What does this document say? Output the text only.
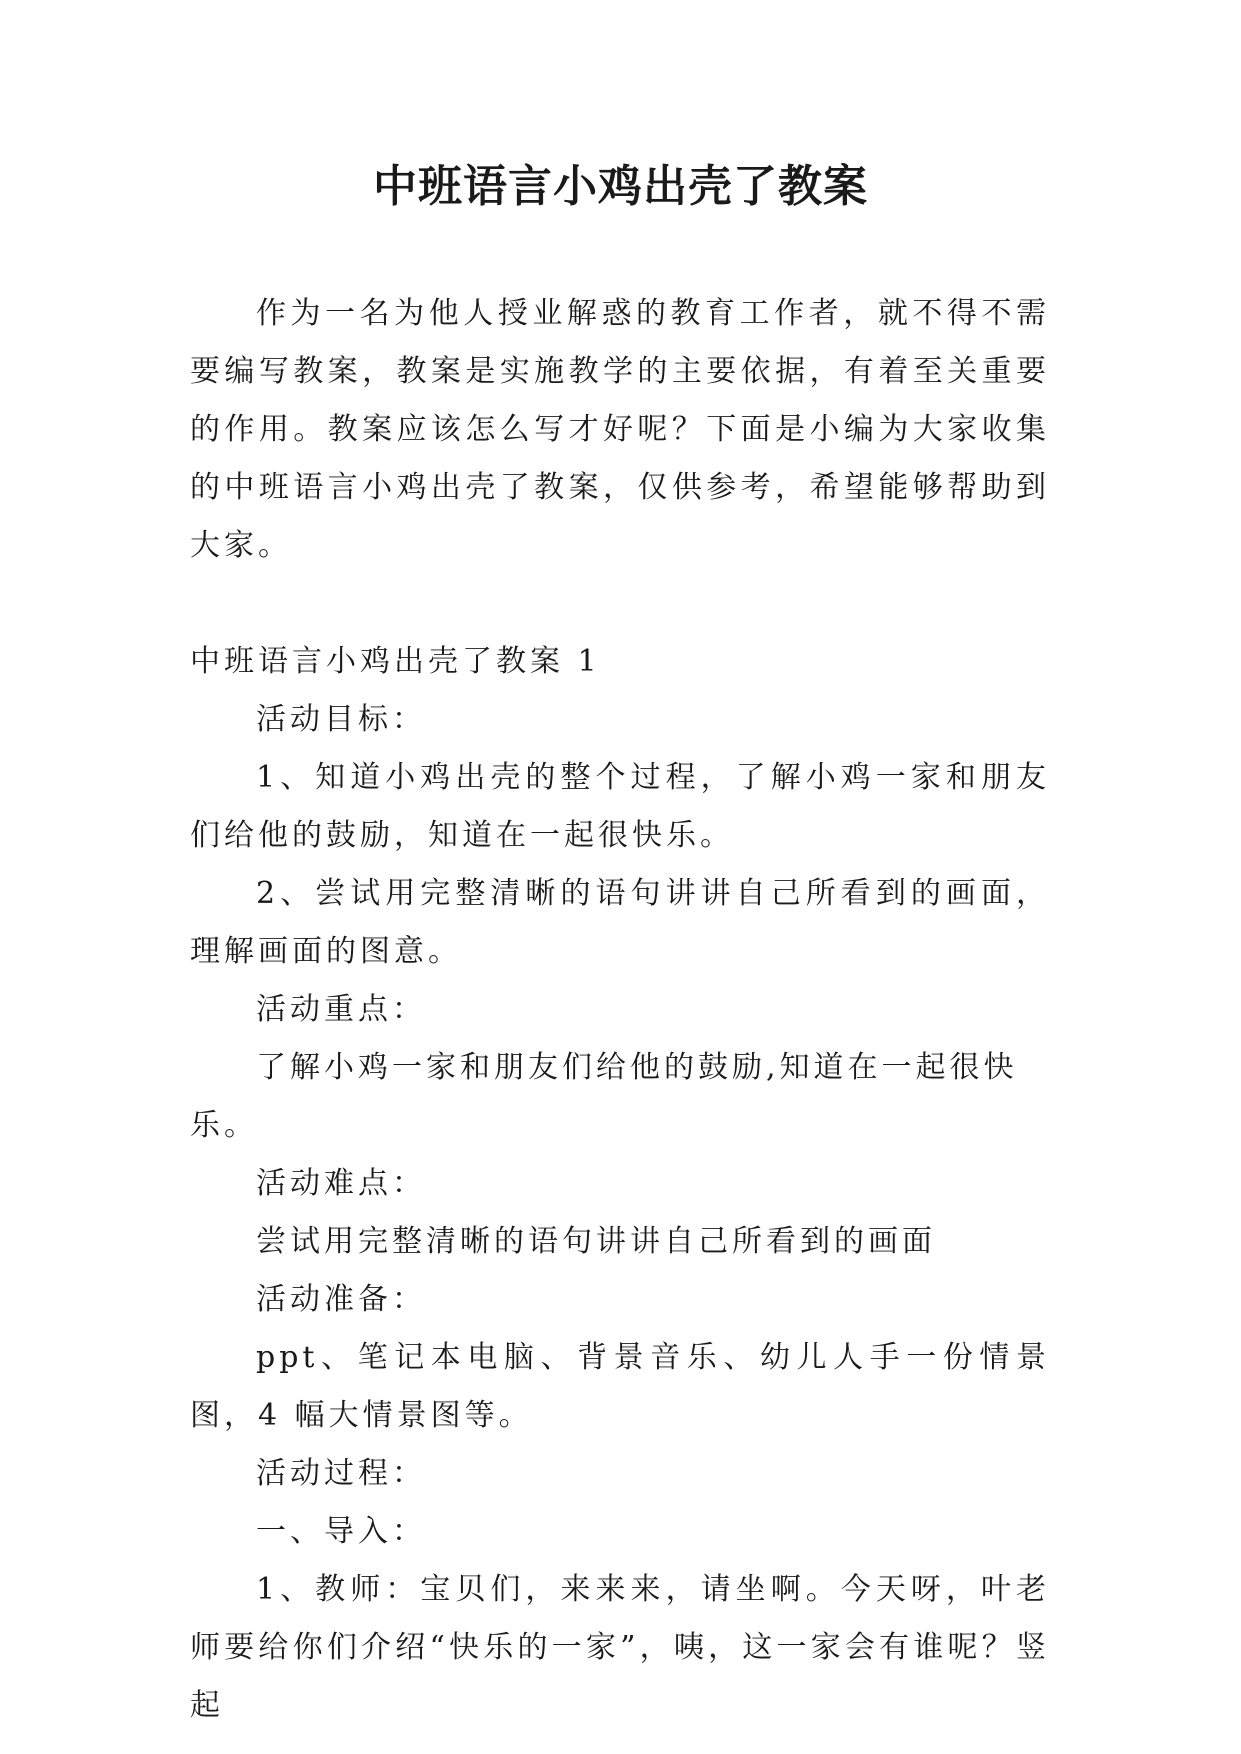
中班语言小鸡出壳了教案

作为一名为他人授业解惑的教育工作者，就不得不需要编写教案，教案是实施教学的主要依据，有着至关重要的作用。教案应该怎么写才好呢？下面是小编为大家收集的中班语言小鸡出壳了教案，仅供参考，希望能够帮助到大家。

中班语言小鸡出壳了教案 1

活动目标：

1、知道小鸡出壳的整个过程，了解小鸡一家和朋友们给他的鼓励，知道在一起很快乐。

2、尝试用完整清晰的语句讲讲自己所看到的画面，理解画面的图意。

活动重点：

了解小鸡一家和朋友们给他的鼓励,知道在一起很快乐。

活动难点：

尝试用完整清晰的语句讲讲自己所看到的画面

活动准备：

ppt、笔记本电脑、背景音乐、幼儿人手一份情景图，4 幅大情景图等。

活动过程：

一、导入：

1、教师：宝贝们，来来来，请坐啊。今天呀，叶老师要给你们介绍“快乐的一家”，咦，这一家会有谁呢？竖起
